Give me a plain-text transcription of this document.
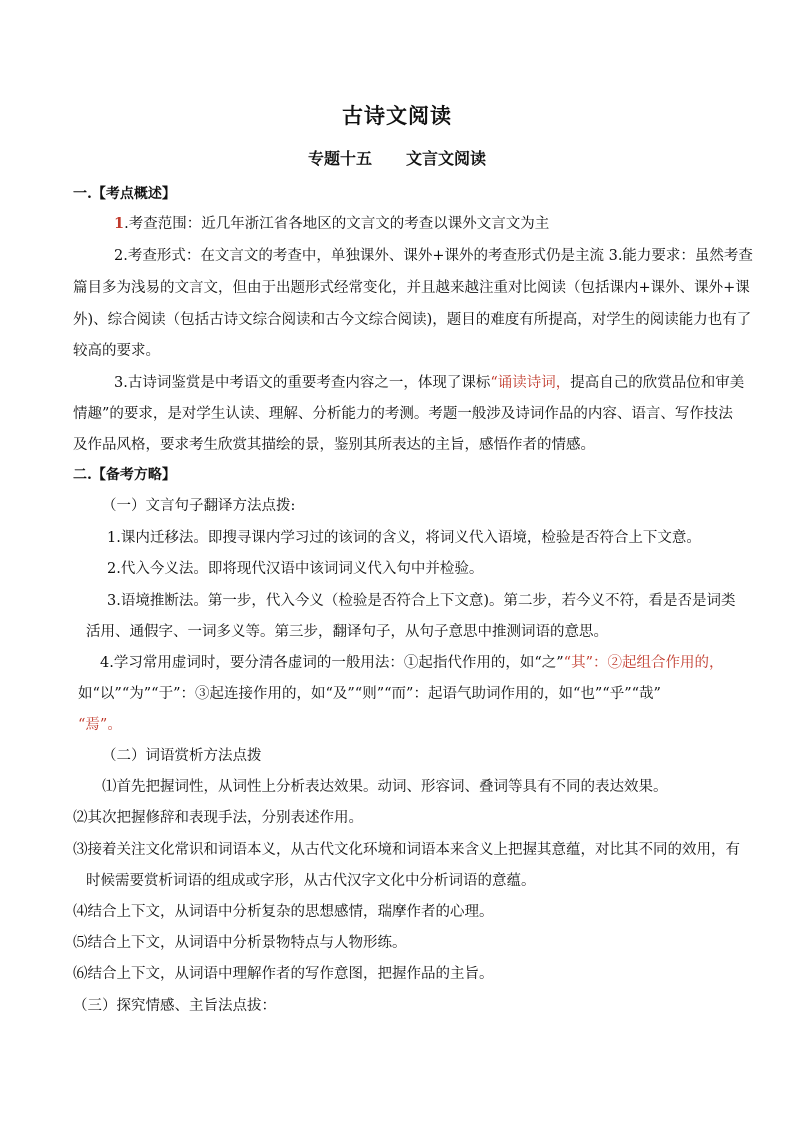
古诗文阅读
专题十五 文言文阅读
一.【考点概述】
1.考查范围：近几年浙江省各地区的文言文的考查以课外文言文为主
2.考查形式：在文言文的考查中，单独课外、课外+课外的考查形式仍是主流 3.能力要求：虽然考查
篇目多为浅易的文言文，但由于出题形式经常变化，并且越来越注重对比阅读（包括课内+课外、课外+课
外)、综合阅读（包括古诗文综合阅读和古今文综合阅读)，题目的难度有所提高，对学生的阅读能力也有了
较高的要求。
3.古诗词鉴赏是中考语文的重要考查内容之一，体现了课标“诵读诗词，提高自己的欣赏品位和审美
情趣”的要求，是对学生认读、理解、分析能力的考测。考题一般涉及诗词作品的内容、语言、写作技法
及作品风格，要求考生欣赏其描绘的景，鉴别其所表达的主旨，感悟作者的情感。
二.【备考方略】
（一）文言句子翻译方法点拨:
1.课内迁移法。即搜寻课内学习过的该词的含义，将词义代入语境，检验是否符合上下文意。
2.代入今义法。即将现代汉语中该词词义代入句中并检验。
3.语境推断法。第一步，代入今义（检验是否符合上下文意)。第二步，若今义不符，看是否是词类
活用、通假字、一词多义等。第三步，翻译句子，从句子意思中推测词语的意思。
4.学习常用虚词时，要分清各虚词的一般用法：①起指代作用的，如“之”“其”：②起组合作用的，
如“以”“为”“于”：③起连接作用的，如“及”“则”“而”：起语气助词作用的，如“也”“乎”“哉”
“焉”。
（二）词语赏析方法点拨
⑴首先把握词性，从词性上分析表达效果。动词、形容词、叠词等具有不同的表达效果。
⑵其次把握修辞和表现手法，分别表述作用。
⑶接着关注文化常识和词语本义，从古代文化环境和词语本来含义上把握其意蕴，对比其不同的效用，有
时候需要赏析词语的组成或字形，从古代汉字文化中分析词语的意蕴。
⑷结合上下文，从词语中分析复杂的思想感情，瑞摩作者的心理。
⑸结合上下文，从词语中分析景物特点与人物形练。
⑹结合上下文，从词语中理解作者的写作意图，把握作品的主旨。
（三）探究情感、主旨法点拔：
